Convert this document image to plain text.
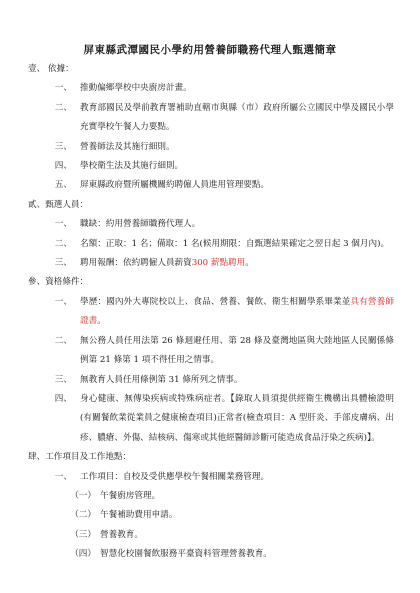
屏東縣武潭國民小學約用營養師職務代理人甄選簡章
壹、 依據：
一、 推動偏鄉學校中央廚房計畫。
二、 教育部國民及學前教育署補助直轄市與縣（市）政府所屬公立國民中學及國民小學充實學校午餐人力要點。
三、 營養師法及其施行細則。
四、 學校衛生法及其施行細則。
五、 屏東縣政府暨所屬機關約聘僱人員進用管理要點。
貳、甄選人員：
一、 職缺：約用營養師職務代理人。
二、 名額：正取：1 名；備取：1 名(候用期限：自甄選結果確定之翌日起 3 個月內)。
三、 聘用報酬：依約聘僱人員薪資300 薪點聘用。
參、資格條件：
一、 學歷：國內外大專院校以上、食品、營養、餐飲、衛生相關學系畢業並具有營養師證書。
二、 無公務人員任用法第 26 條迴避任用、第 28 條及臺灣地區與大陸地區人民關係條例第 21 條第 1 項不得任用之情事。
三、 無教育人員任用條例第 31 條所列之情事。
四、 身心健康、無傳染疾病或特殊病症者。【錄取人員須提供經衛生機構出具體檢證明(有關餐飲業從業員之健康檢查項目)正常者(檢查項目：A 型肝炎、手部皮膚病、出疹、膿瘡、外傷、結核病、傷寒或其他經醫師診斷可能造成食品汙染之疾病)】。
肆、工作項目及工作地點：
一、 工作項目：自校及受供應學校午餐相關業務管理。
（一） 午餐廚房管理。
（二） 午餐補助費用申請。
（三） 營養教育。
（四） 智慧化校園餐飲服務平臺資料管理營養教育。
